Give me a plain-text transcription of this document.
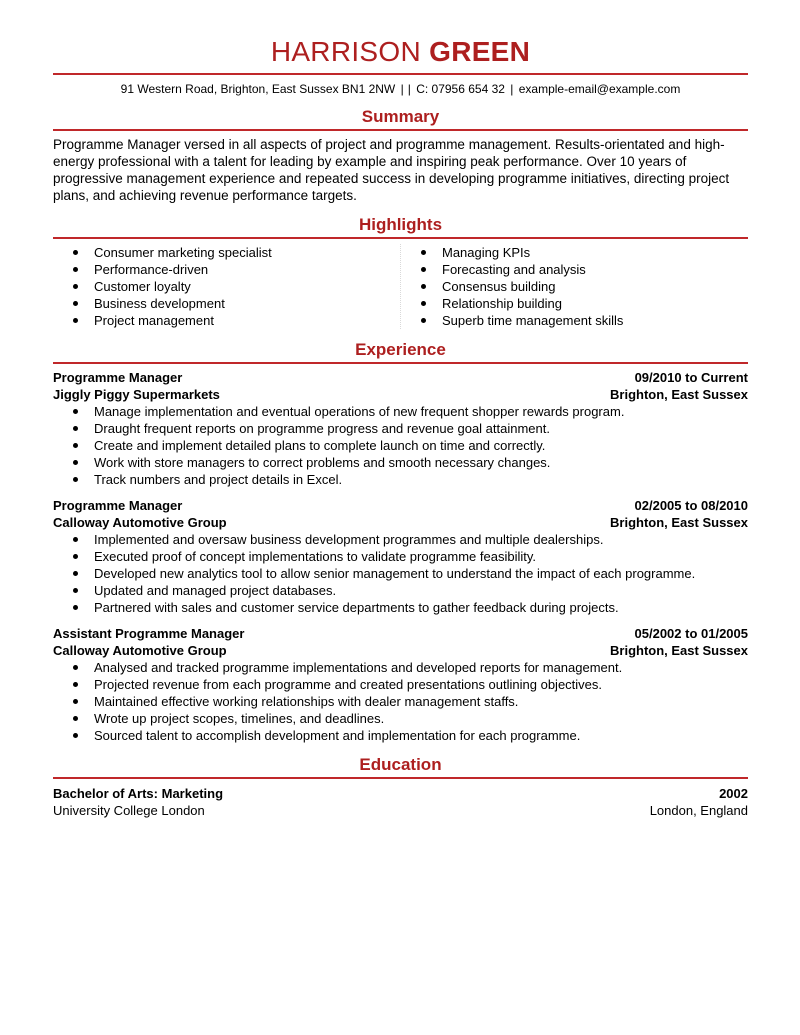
HARRISON GREEN
91 Western Road, Brighton, East Sussex BN1 2NW | | C: 07956 654 32 | example-email@example.com
Summary
Programme Manager versed in all aspects of project and programme management. Results-orientated and high-energy professional with a talent for leading by example and inspiring peak performance. Over 10 years of progressive management experience and repeated success in developing programme initiatives, directing project plans, and achieving revenue performance targets.
Highlights
Consumer marketing specialist
Performance-driven
Customer loyalty
Business development
Project management
Managing KPIs
Forecasting and analysis
Consensus building
Relationship building
Superb time management skills
Experience
Programme Manager	09/2010 to Current
Jiggly Piggy Supermarkets	Brighton, East Sussex
Manage implementation and eventual operations of new frequent shopper rewards program.
Draught frequent reports on programme progress and revenue goal attainment.
Create and implement detailed plans to complete launch on time and correctly.
Work with store managers to correct problems and smooth necessary changes.
Track numbers and project details in Excel.
Programme Manager	02/2005 to 08/2010
Calloway Automotive Group	Brighton, East Sussex
Implemented and oversaw business development programmes and multiple dealerships.
Executed proof of concept implementations to validate programme feasibility.
Developed new analytics tool to allow senior management to understand the impact of each programme.
Updated and managed project databases.
Partnered with sales and customer service departments to gather feedback during projects.
Assistant Programme Manager	05/2002 to 01/2005
Calloway Automotive Group	Brighton, East Sussex
Analysed and tracked programme implementations and developed reports for management.
Projected revenue from each programme and created presentations outlining objectives.
Maintained effective working relationships with dealer management staffs.
Wrote up project scopes, timelines, and deadlines.
Sourced talent to accomplish development and implementation for each programme.
Education
Bachelor of Arts: Marketing	2002
University College London	London, England
